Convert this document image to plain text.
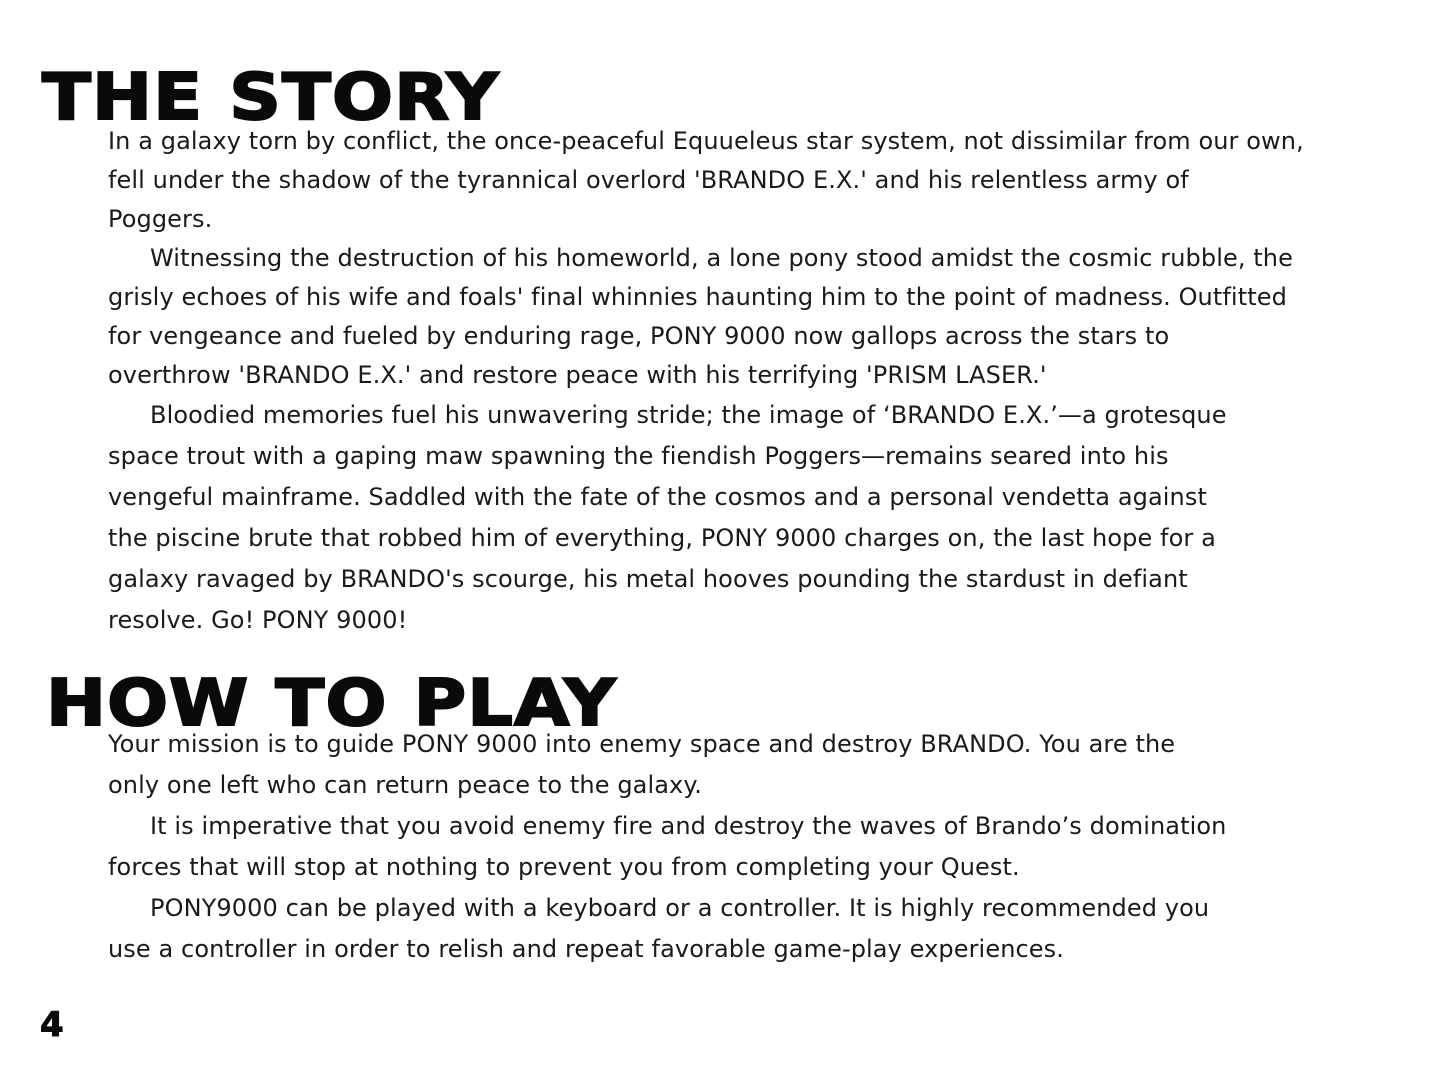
THE STORY

In a galaxy torn by conflict, the once-peaceful Equueleus star system, not dissimilar from our own,

fell under the shadow of the tyrannical overlord 'BRANDO E.X.' and his relentless army of

Poggers.

Witnessing the destruction of his homeworld, a lone pony stood amidst the cosmic rubble, the

grisly echoes of his wife and foals' final whinnies haunting him to the point of madness. Outfitted

for vengeance and fueled by enduring rage, PONY 9000 now gallops across the stars to

overthrow 'BRANDO E.X.' and restore peace with his terrifying 'PRISM LASER.'

Bloodied memories fuel his unwavering stride; the image of ‘BRANDO E.X.’—a grotesque

space trout with a gaping maw spawning the fiendish Poggers—remains seared into his

vengeful mainframe. Saddled with the fate of the cosmos and a personal vendetta against

the piscine brute that robbed him of everything, PONY 9000 charges on, the last hope for a

galaxy ravaged by BRANDO's scourge, his metal hooves pounding the stardust in defiant

resolve. Go! PONY 9000!

HOW TO PLAY

Your mission is to guide PONY 9000 into enemy space and destroy BRANDO. You are the

only one left who can return peace to the galaxy.

It is imperative that you avoid enemy fire and destroy the waves of Brando’s domination

forces that will stop at nothing to prevent you from completing your Quest.

PONY9000 can be played with a keyboard or a controller. It is highly recommended you

use a controller in order to relish and repeat favorable game-play experiences.

4
